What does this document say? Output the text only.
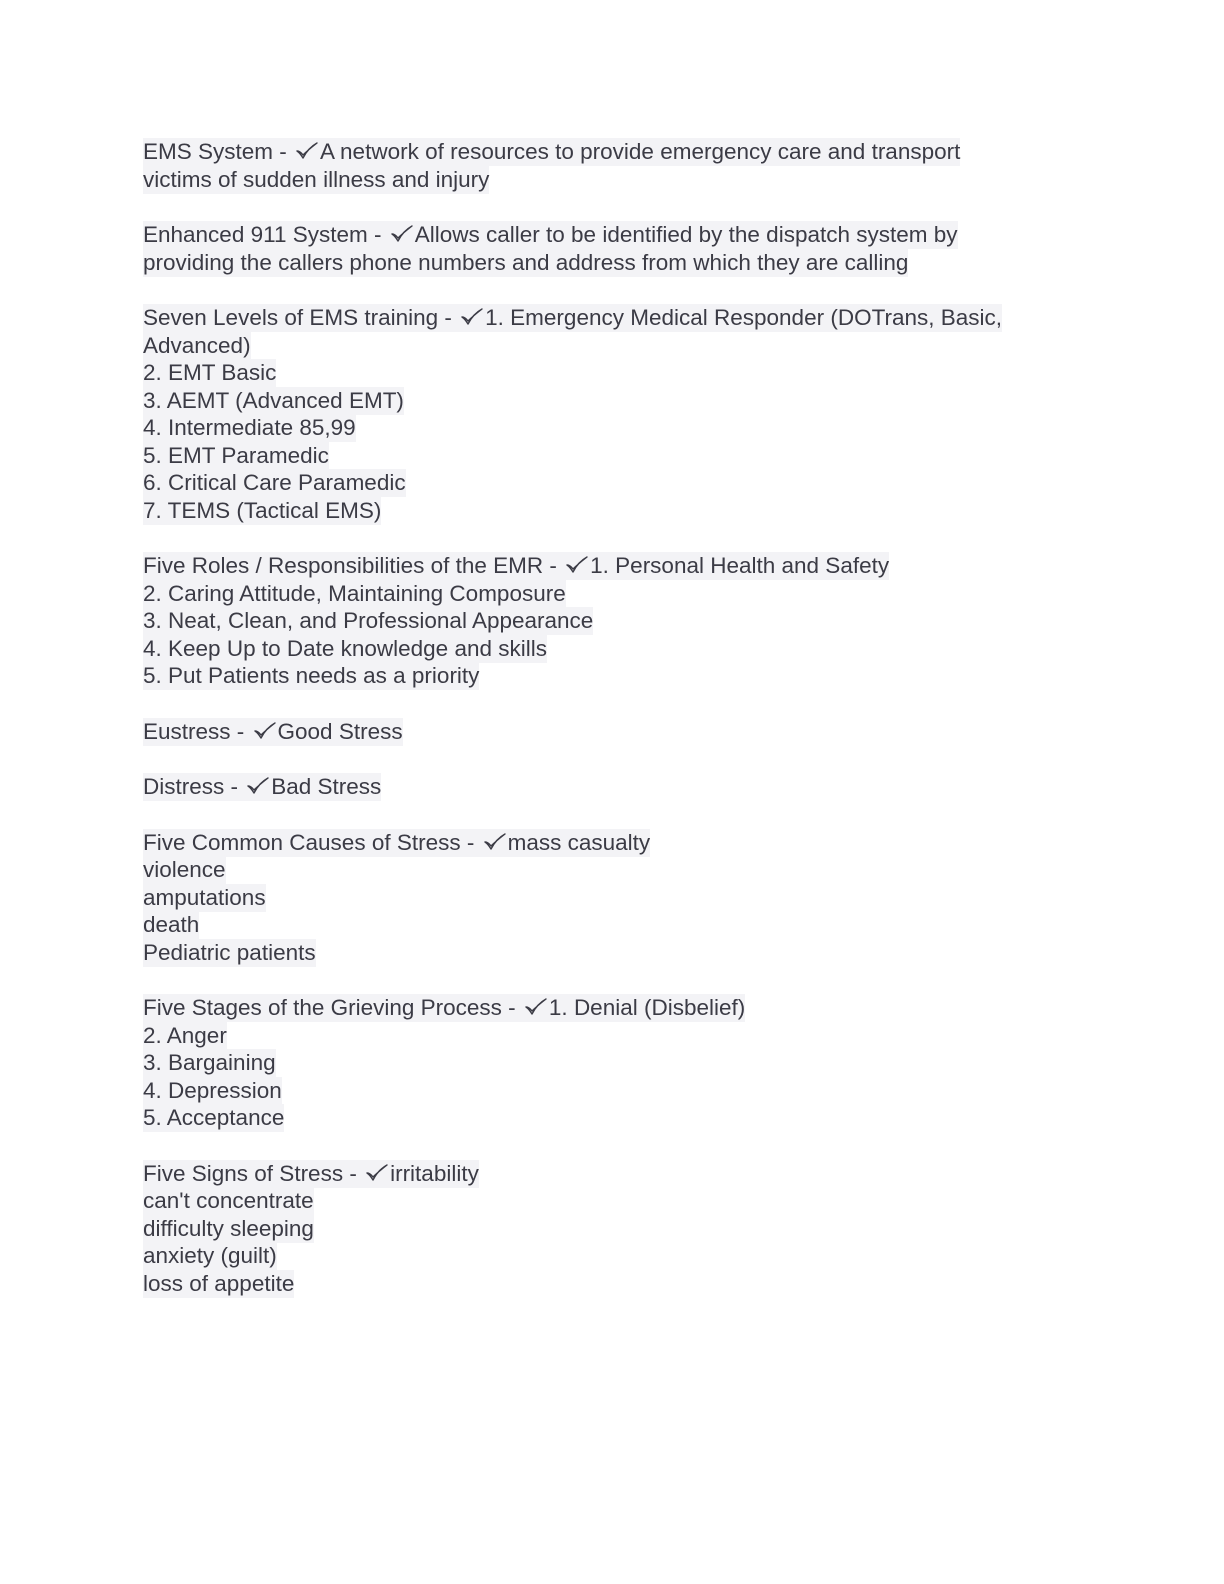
EMS System -
A network of resources to provide emergency care and transport
victims of sudden illness and injury
Enhanced 911 System -
Allows caller to be identified by the dispatch system by
providing the callers phone numbers and address from which they are calling
Seven Levels of EMS training -
1. Emergency Medical Responder (DOTrans, Basic,
Advanced)
2. EMT Basic
3. AEMT (Advanced EMT)
4. Intermediate 85,99
5. EMT Paramedic
6. Critical Care Paramedic
7. TEMS (Tactical EMS)
Five Roles / Responsibilities of the EMR -
1. Personal Health and Safety
2. Caring Attitude, Maintaining Composure
3. Neat, Clean, and Professional Appearance
4. Keep Up to Date knowledge and skills
5. Put Patients needs as a priority
Eustress -
Good Stress
Distress -
Bad Stress
Five Common Causes of Stress -
mass casualty
violence
amputations
death
Pediatric patients
Five Stages of the Grieving Process -
1. Denial (Disbelief)
2. Anger
3. Bargaining
4. Depression
5. Acceptance
Five Signs of Stress -
irritability
can't concentrate
difficulty sleeping
anxiety (guilt)
loss of appetite
